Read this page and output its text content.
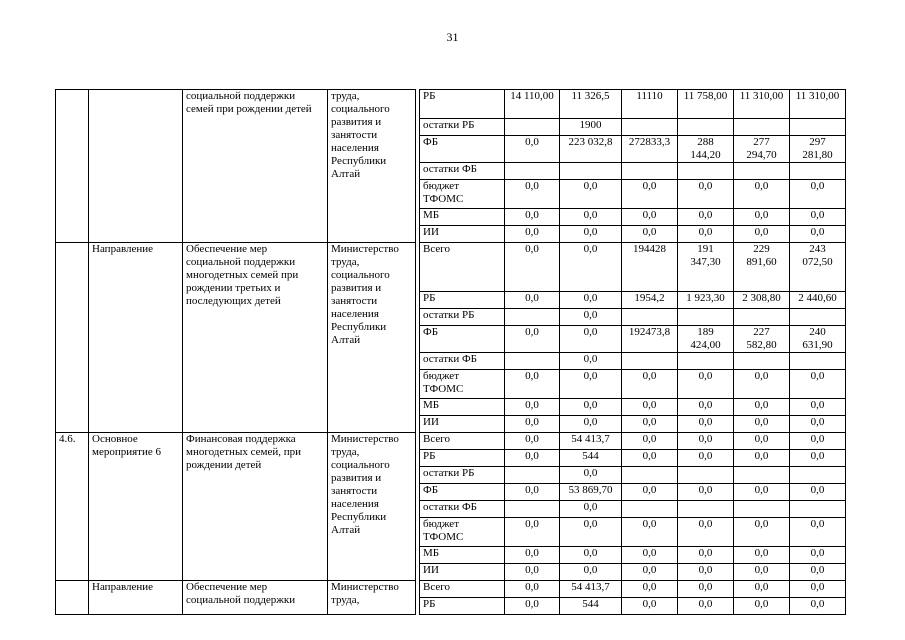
31
		социальной поддержки семей при рождении детей	труда, социального развития и занятости населения Республики Алтай		РБ	14 110,00	11 326,5	11110	11 758,00	11 310,00	11 310,00
					остатки РБ		1900				
					ФБ	0,0	223 032,8	272833,3	288 144,20	277 294,70	297 281,80
					остатки ФБ						
					бюджет ТФОМС	0,0	0,0	0,0	0,0	0,0	0,0
					МБ	0,0	0,0	0,0	0,0	0,0	0,0
					ИИ	0,0	0,0	0,0	0,0	0,0	0,0
	Направление	Обеспечение мер социальной поддержки многодетных семей при рождении третьих и последующих детей	Министерство труда, социального развития и занятости населения Республики Алтай		Всего	0,0	0,0	194428	191 347,30	229 891,60	243 072,50
					РБ	0,0	0,0	1954,2	1 923,30	2 308,80	2 440,60
					остатки РБ		0,0				
					ФБ	0,0	0,0	192473,8	189 424,00	227 582,80	240 631,90
					остатки ФБ		0,0				
					бюджет ТФОМС	0,0	0,0	0,0	0,0	0,0	0,0
					МБ	0,0	0,0	0,0	0,0	0,0	0,0
					ИИ	0,0	0,0	0,0	0,0	0,0	0,0
4.6.	Основное мероприятие 6	Финансовая поддержка многодетных семей, при рождении детей	Министерство труда, социального развития и занятости населения Республики Алтай		Всего	0,0	54 413,7	0,0	0,0	0,0	0,0
					РБ	0,0	544	0,0	0,0	0,0	0,0
					остатки РБ		0,0				
					ФБ	0,0	53 869,70	0,0	0,0	0,0	0,0
					остатки ФБ		0,0				
					бюджет ТФОМС	0,0	0,0	0,0	0,0	0,0	0,0
					МБ	0,0	0,0	0,0	0,0	0,0	0,0
					ИИ	0,0	0,0	0,0	0,0	0,0	0,0
	Направление	Обеспечение мер социальной поддержки	Министерство труда,		Всего	0,0	54 413,7	0,0	0,0	0,0	0,0
					РБ	0,0	544	0,0	0,0	0,0	0,0
